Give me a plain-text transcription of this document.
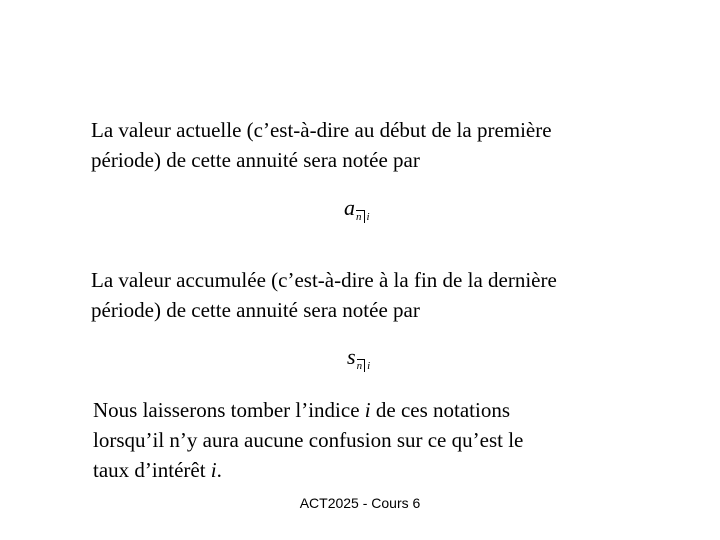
La valeur actuelle (c’est-à-dire au début de la première
période) de cette annuité sera notée par

$a_{n i}$

La valeur accumulée (c’est-à-dire à la fin de la dernière
période) de cette annuité sera notée par

$s_{n i}$

Nous laisserons tomber l’indice i de ces notations
lorsqu’il n’y aura aucune confusion sur ce qu’est le
taux d’intérêt i.

ACT2025 - Cours 6
